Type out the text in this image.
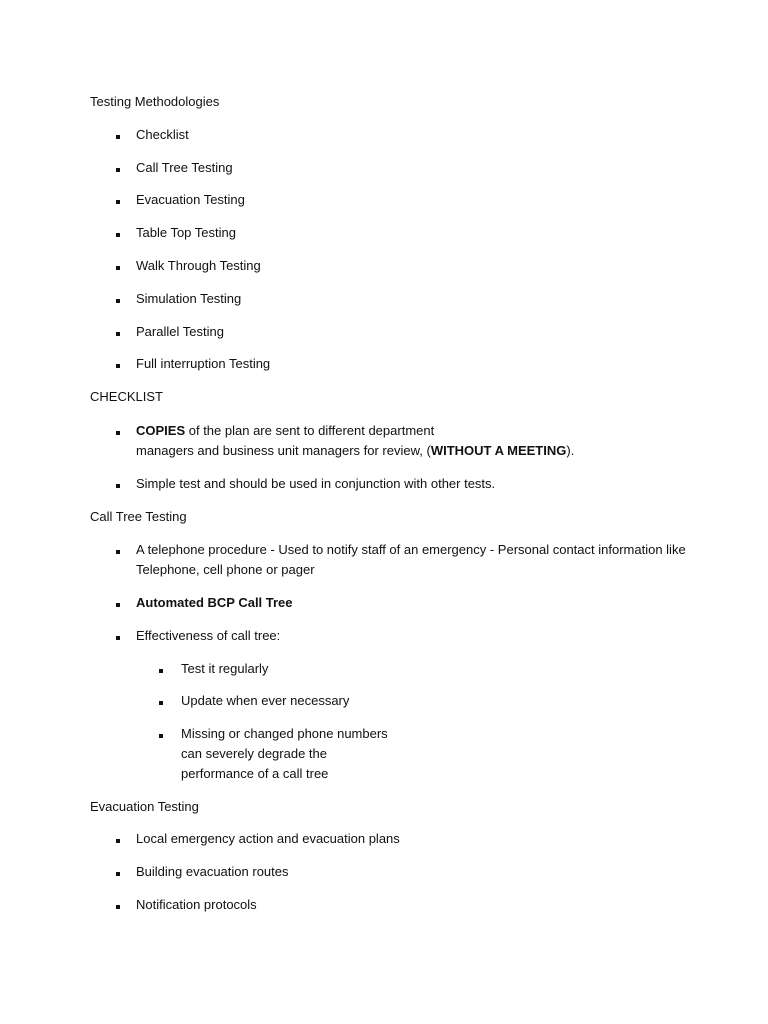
Testing Methodologies
Checklist
Call Tree Testing
Evacuation Testing
Table Top Testing
Walk Through Testing
Simulation Testing
Parallel Testing
Full interruption Testing
CHECKLIST
COPIES of the plan are sent to different department
managers and business unit managers for review, (WITHOUT A MEETING).
Simple test and should be used in conjunction with other tests.
Call Tree Testing
A telephone procedure - Used to notify staff of an emergency - Personal contact information like
Telephone, cell phone or pager
Automated BCP Call Tree
Effectiveness of call tree:
Test it regularly
Update when ever necessary
Missing or changed phone numbers
can severely degrade the
performance of a call tree
Evacuation Testing
Local emergency action and evacuation plans
Building evacuation routes
Notification protocols
